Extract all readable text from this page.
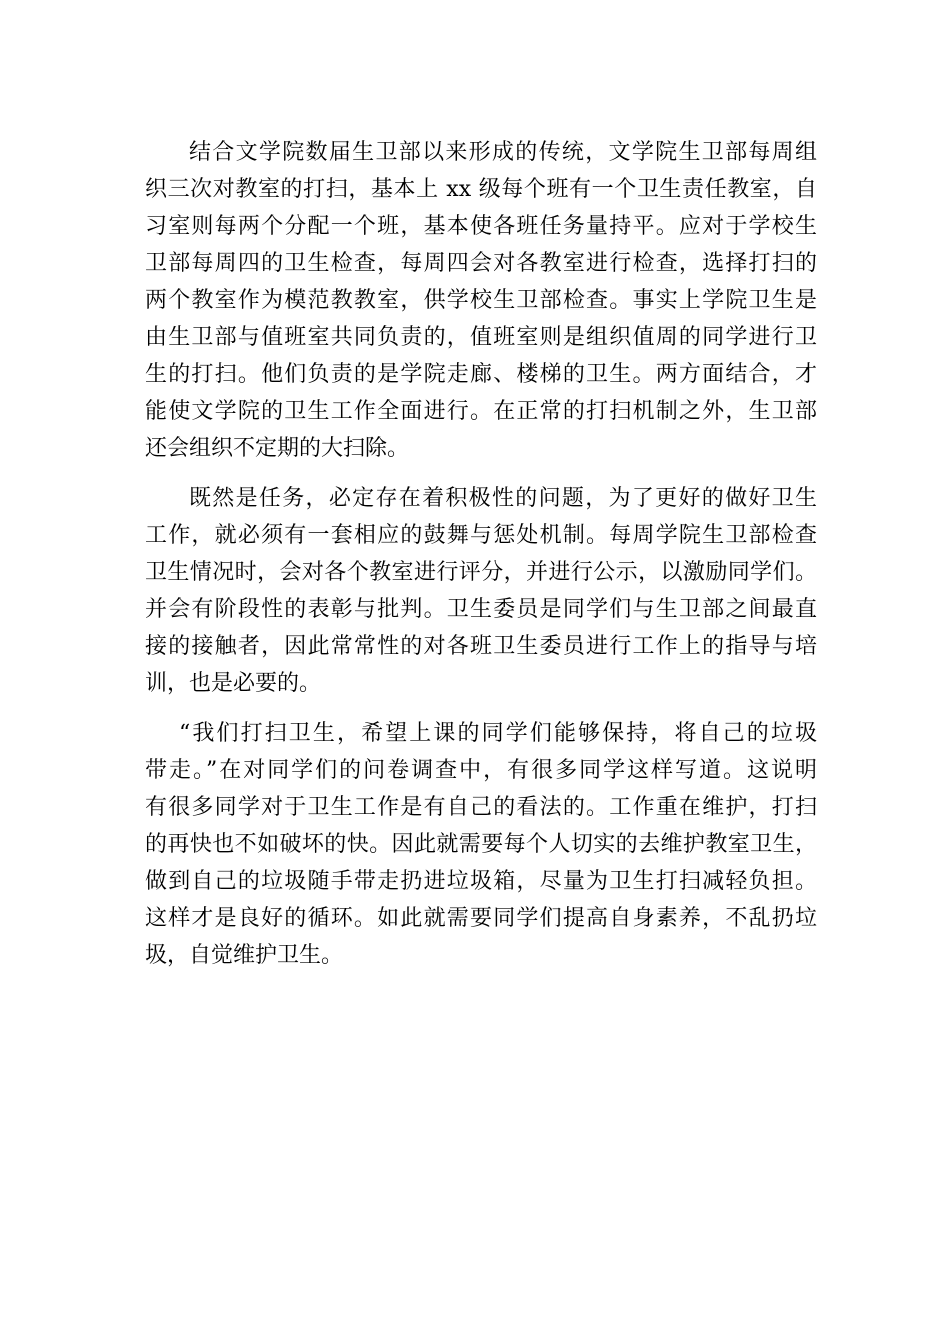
结合文学院数届生卫部以来形成的传统，文学院生卫部每周组
织三次对教室的打扫，基本上 xx 级每个班有一个卫生责任教室，自
习室则每两个分配一个班，基本使各班任务量持平。应对于学校生
卫部每周四的卫生检查，每周四会对各教室进行检查，选择打扫的
两个教室作为模范教教室，供学校生卫部检查。事实上学院卫生是
由生卫部与值班室共同负责的，值班室则是组织值周的同学进行卫
生的打扫。他们负责的是学院走廊、楼梯的卫生。两方面结合，才
能使文学院的卫生工作全面进行。在正常的打扫机制之外，生卫部
还会组织不定期的大扫除。
既然是任务，必定存在着积极性的问题，为了更好的做好卫生
工作，就必须有一套相应的鼓舞与惩处机制。每周学院生卫部检查
卫生情况时，会对各个教室进行评分，并进行公示，以激励同学们。
并会有阶段性的表彰与批判。卫生委员是同学们与生卫部之间最直
接的接触者，因此常常性的对各班卫生委员进行工作上的指导与培
训，也是必要的。
“我们打扫卫生，希望上课的同学们能够保持，将自己的垃圾
带走。”在对同学们的问卷调查中，有很多同学这样写道。这说明
有很多同学对于卫生工作是有自己的看法的。工作重在维护，打扫
的再快也不如破坏的快。因此就需要每个人切实的去维护教室卫生，
做到自己的垃圾随手带走扔进垃圾箱，尽量为卫生打扫减轻负担。
这样才是良好的循环。如此就需要同学们提高自身素养，不乱扔垃
圾，自觉维护卫生。
